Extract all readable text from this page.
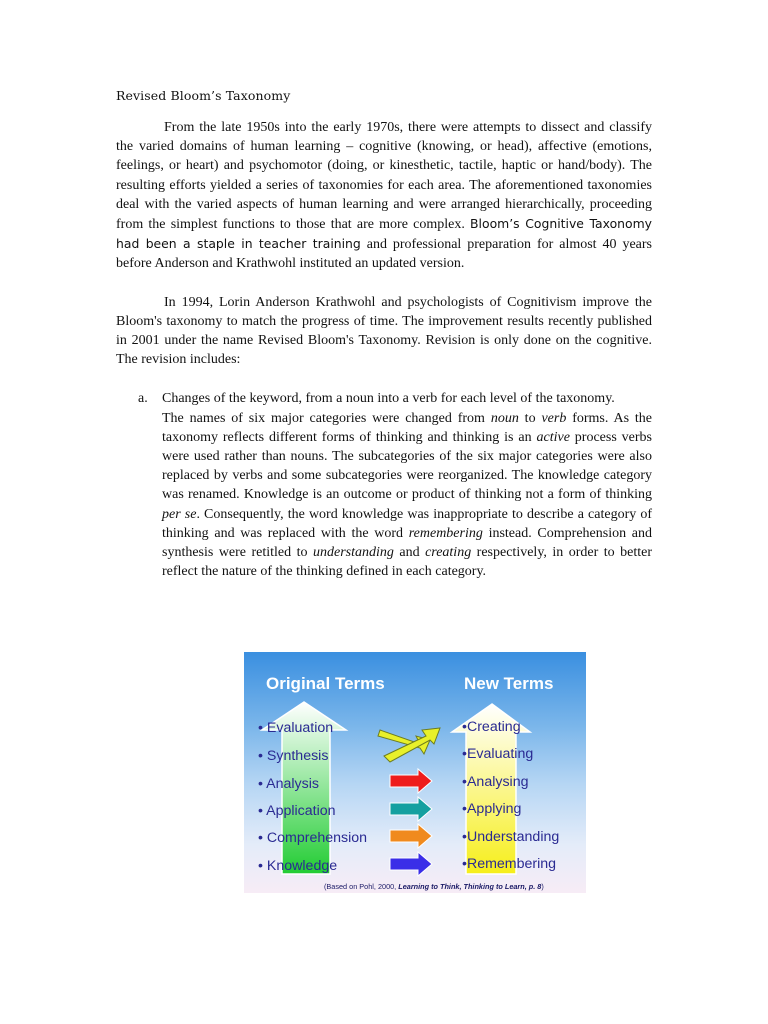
Revised Bloom’s Taxonomy

From the late 1950s into the early 1970s, there were attempts to dissect and classify the varied domains of human learning – cognitive (knowing, or head), affective (emotions, feelings, or heart) and psychomotor (doing, or kinesthetic, tactile, haptic or hand/body). The resulting efforts yielded a series of taxonomies for each area. The aforementioned taxonomies deal with the varied aspects of human learning and were arranged hierarchically, proceeding from the simplest functions to those that are more complex. Bloom’s Cognitive Taxonomy had been a staple in teacher training and professional preparation for almost 40 years before Anderson and Krathwohl instituted an updated version.

In 1994, Lorin Anderson Krathwohl and psychologists of Cognitivism improve the Bloom's taxonomy to match the progress of time. The improvement results recently published in 2001 under the name Revised Bloom's Taxonomy. Revision is only done on the cognitive. The revision includes:

a. Changes of the keyword, from a noun into a verb for each level of the taxonomy.

The names of six major categories were changed from noun to verb forms. As the taxonomy reflects different forms of thinking and thinking is an active process verbs were used rather than nouns. The subcategories of the six major categories were also replaced by verbs and some subcategories were reorganized. The knowledge category was renamed. Knowledge is an outcome or product of thinking not a form of thinking per se. Consequently, the word knowledge was inappropriate to describe a category of thinking and was replaced with the word remembering instead. Comprehension and synthesis were retitled to understanding and creating respectively, in order to better reflect the nature of the thinking defined in each category.

Original Terms	New Terms
• Evaluation
• Synthesis
• Analysis
• Application
• Comprehension
• Knowledge
•Creating
•Evaluating
•Analysing
•Applying
•Understanding
•Remembering
(Based on Pohl, 2000, Learning to Think, Thinking to Learn, p. 8)
